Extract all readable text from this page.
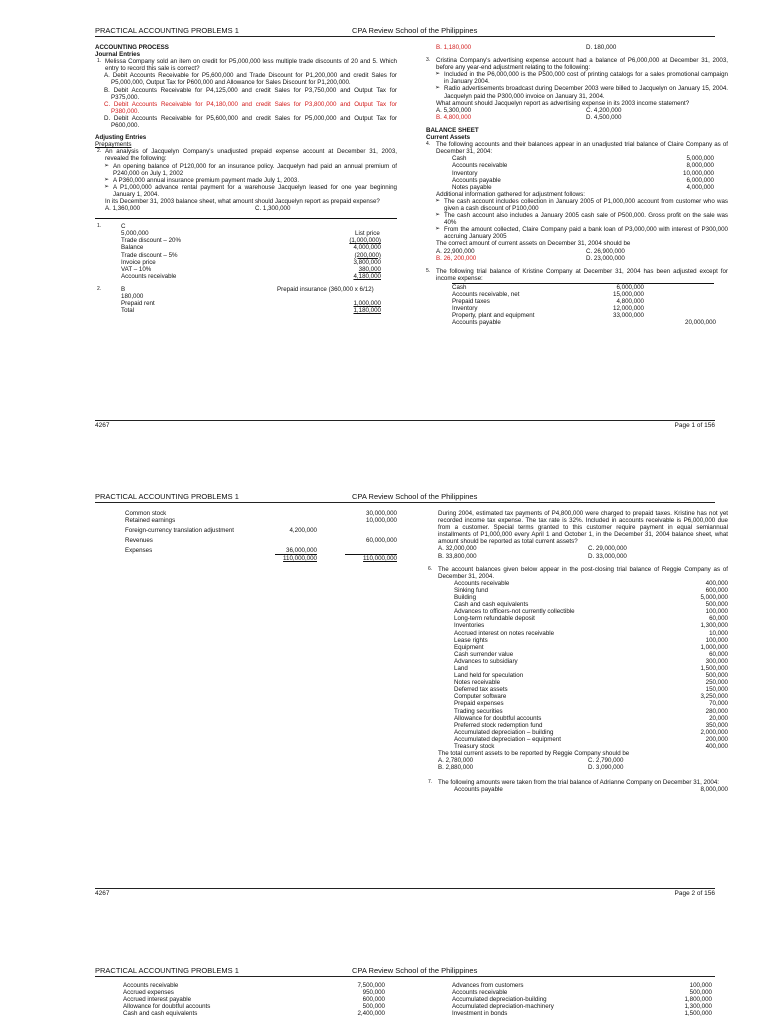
PRACTICAL ACCOUNTING PROBLEMS 1	CPA Review School of the Philippines
ACCOUNTING PROCESS
Journal Entries
1. Melissa Company sold an item on credit for P5,000,000 less multiple trade discounts of 20 and 5. Which entry to record this sale is correct?
A. Debit Accounts Receivable for P5,600,000 and Trade Discount for P1,200,000 and credit Sales for P5,000,000, Output Tax for P600,000 and Allowance for Sales Discount for P1,200,000.
B. Debit Accounts Receivable for P4,125,000 and credit Sales for P3,750,000 and Output Tax for P375,000.
C. Debit Accounts Receivable for P4,180,000 and credit Sales for P3,800,000 and Output Tax for P380,000.
D. Debit Accounts Receivable for P5,600,000 and credit Sales for P5,000,000 and Output Tax for P600,000.
Adjusting Entries
Prepayments
2. An analysis of Jacquelyn Company's unadjusted prepaid expense account at December 31, 2003, revealed the following:
➢ An opening balance of P120,000 for an insurance policy. Jacquelyn had paid an annual premium of P240,000 on July 1, 2002
➢ A P360,000 annual insurance premium payment made July 1, 2003.
➢ A P1,000,000 advance rental payment for a warehouse Jacquelyn leased for one year beginning January 1, 2004.
In its December 31, 2003 balance sheet, what amount should Jacquelyn report as prepaid expense?
A. 1,360,000	C. 1,300,000
1.	C
5,000,000	List price
Trade discount – 20%	(1,000,000)
Balance	4,000,000
Trade discount – 5%	(200,000)
Invoice price	3,800,000
VAT – 10%	380,000
Accounts receivable	4,180,000
2.	B	Prepaid insurance (360,000 x 6/12)
180,000
Prepaid rent	1,000,000
Total	1,180,000
B. 1,180,000	D. 180,000
3. Cristina Company's advertising expense account had a balance of P6,000,000 at December 31, 2003, before any year-end adjustment relating to the following:
➢ Included in the P6,000,000 is the P500,000 cost of printing catalogs for a sales promotional campaign in January 2004.
➢ Radio advertisements broadcast during December 2003 were billed to Jacquelyn on January 15, 2004. Jacquelyn paid the P300,000 invoice on January 31, 2004.
What amount should Jacquelyn report as advertising expense in its 2003 income statement?
A. 5,300,000	C. 4,200,000
B. 4,800,000	D. 4,500,000
BALANCE SHEET
Current Assets
4. The following accounts and their balances appear in an unadjusted trial balance of Claire Company as of December 31, 2004:
Cash	5,000,000
Accounts receivable	8,000,000
Inventory	10,000,000
Accounts payable	6,000,000
Notes payable	4,000,000
Additional information gathered for adjustment follows:
➢ The cash account includes collection in January 2005 of P1,000,000 account from customer who was given a cash discount of P100,000
➢ The cash account also includes a January 2005 cash sale of P500,000. Gross profit on the sale was 40%
➢ From the amount collected, Claire Company paid a bank loan of P3,000,000 with interest of P300,000 accruing January 2005
The correct amount of current assets on December 31, 2004 should be
A. 22,900,000	C. 26,900,000
B. 26, 200,000	D. 23,000,000
5. The following trial balance of Kristine Company at December 31, 2004 has been adjusted except for income expense:
Cash	6,000,000
Accounts receivable, net	15,000,000
Prepaid taxes	4,800,000
Inventory	12,000,000
Property, plant and equipment	33,000,000
Accounts payable	20,000,000
4267	Page 1 of 156
PRACTICAL ACCOUNTING PROBLEMS 1	CPA Review School of the Philippines
Common stock	30,000,000
Retained earnings	10,000,000
Foreign-currency translation adjustment	4,200,000
Revenues	60,000,000
Expenses	36,000,000
110,000,000	110,000,000
During 2004, estimated tax payments of P4,800,000 were charged to prepaid taxes. Kristine has not yet recorded income tax expense. The tax rate is 32%. Included in accounts receivable is P6,000,000 due from a customer. Special terms granted to this customer require payment in equal semiannual installments of P1,000,000 every April 1 and October 1, in the December 31, 2004 balance sheet, what amount should be reported as total current assets?
A. 32,000,000	C. 29,000,000
B. 33,800,000	D. 33,000,000
6. The account balances given below appear in the post-closing trial balance of Reggie Company as of December 31, 2004.
Accounts receivable	400,000
Sinking fund	600,000
Building	5,000,000
Cash and cash equivalents	500,000
Advances to officers-not currently collectible	100,000
Long-term refundable deposit	60,000
Inventories	1,300,000
Accrued interest on notes receivable	10,000
Lease rights	100,000
Equipment	1,000,000
Cash surrender value	60,000
Advances to subsidiary	300,000
Land	1,500,000
Land held for speculation	500,000
Notes receivable	250,000
Deferred tax assets	150,000
Computer software	3,250,000
Prepaid expenses	70,000
Trading securities	280,000
Allowance for doubtful accounts	20,000
Preferred stock redemption fund	350,000
Accumulated depreciation – building	2,000,000
Accumulated depreciation – equipment	200,000
Treasury stock	400,000
The total current assets to be reported by Reggie Company should be
A. 2,780,000	C. 2,790,000
B. 2,880,000	D. 3,090,000
7. The following amounts were taken from the trial balance of Adrianne Company on December 31, 2004:
Accounts payable	8,000,000
4267	Page 2 of 156
PRACTICAL ACCOUNTING PROBLEMS 1	CPA Review School of the Philippines
Accounts receivable	7,500,000
Accrued expenses	950,000
Accrued interest payable	600,000
Allowance for doubtful accounts	500,000
Cash and cash equivalents	2,400,000
Advances from customers	100,000
Accounts receivable	500,000
Accumulated depreciation-building	1,800,000
Accumulated depreciation-machinery	1,300,000
Investment in bonds	1,500,000
